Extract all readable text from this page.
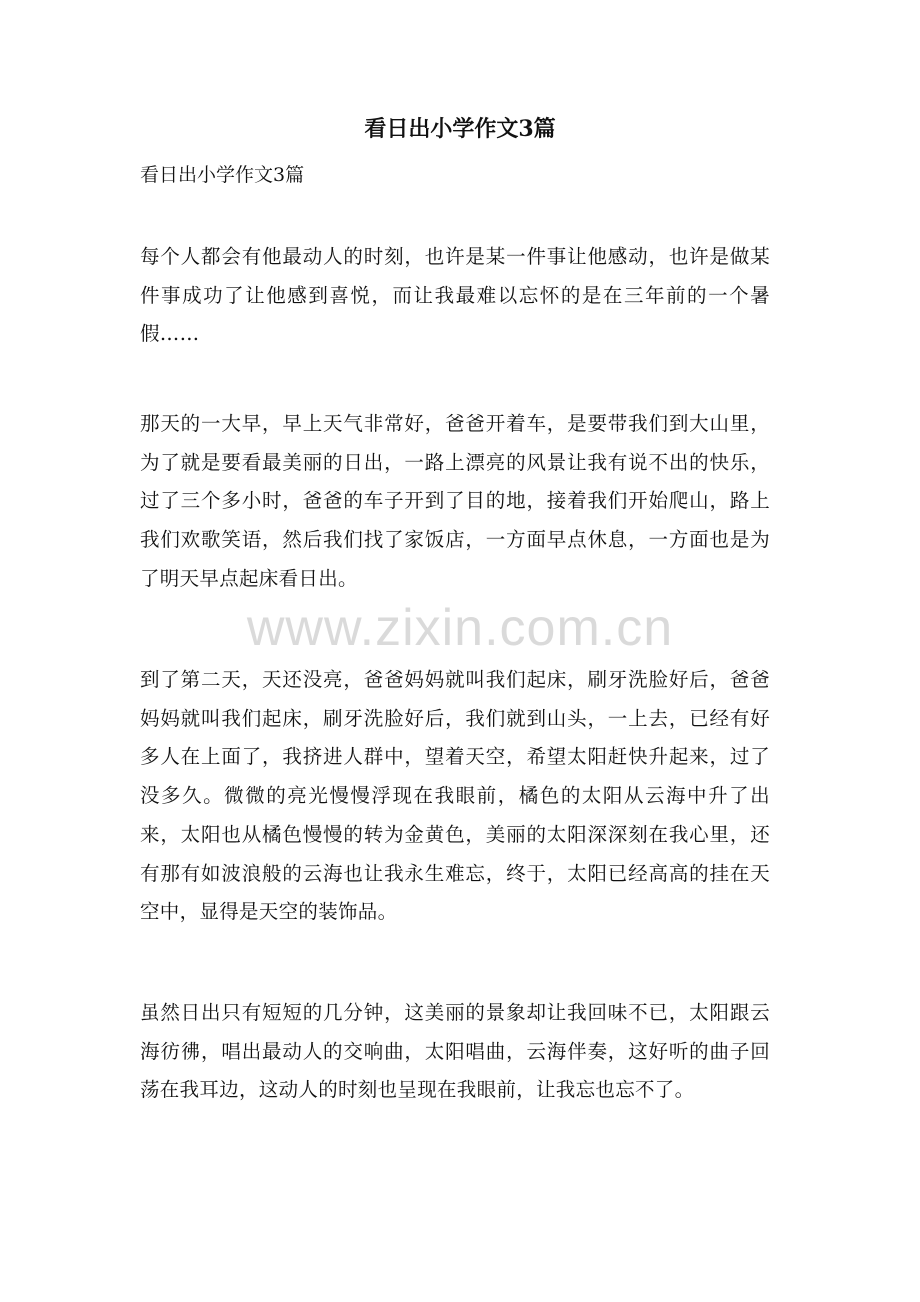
看日出小学作文3篇

看日出小学作文3篇

每个人都会有他最动人的时刻，也许是某一件事让他感动，也许是做某件事成功了让他感到喜悦，而让我最难以忘怀的是在三年前的一个暑假……

那天的一大早，早上天气非常好，爸爸开着车，是要带我们到大山里，为了就是要看最美丽的日出，一路上漂亮的风景让我有说不出的快乐，过了三个多小时，爸爸的车子开到了目的地，接着我们开始爬山，路上我们欢歌笑语，然后我们找了家饭店，一方面早点休息，一方面也是为了明天早点起床看日出。

到了第二天，天还没亮，爸爸妈妈就叫我们起床，刷牙洗脸好后，爸爸妈妈就叫我们起床，刷牙洗脸好后，我们就到山头，一上去，已经有好多人在上面了，我挤进人群中，望着天空，希望太阳赶快升起来，过了没多久。微微的亮光慢慢浮现在我眼前，橘色的太阳从云海中升了出来，太阳也从橘色慢慢的转为金黄色，美丽的太阳深深刻在我心里，还有那有如波浪般的云海也让我永生难忘，终于，太阳已经高高的挂在天空中，显得是天空的装饰品。

虽然日出只有短短的几分钟，这美丽的景象却让我回味不已，太阳跟云海彷彿，唱出最动人的交响曲，太阳唱曲，云海伴奏，这好听的曲子回荡在我耳边，这动人的时刻也呈现在我眼前，让我忘也忘不了。

www.zixin.com.cn
